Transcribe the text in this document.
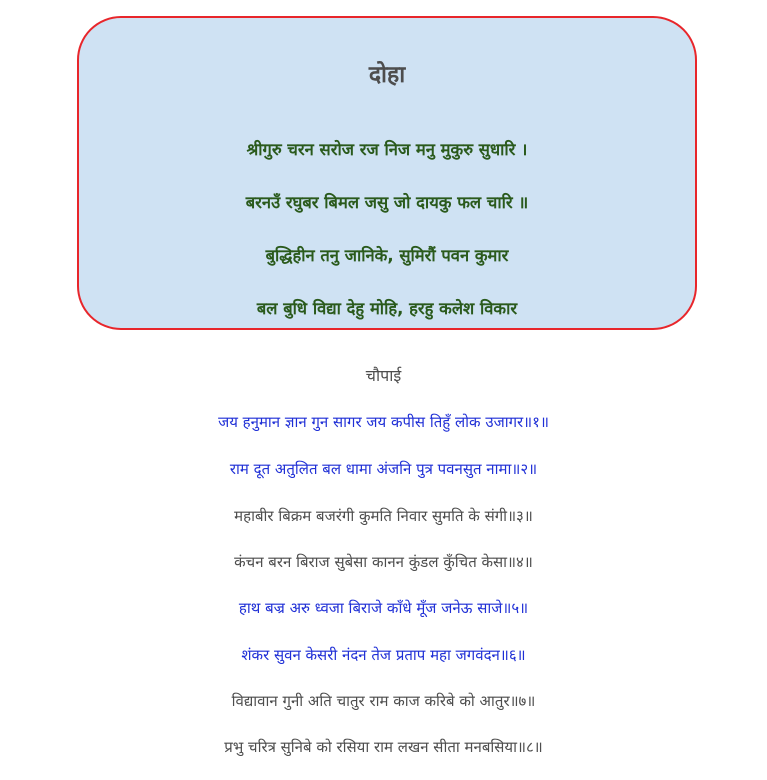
दोहा
श्रीगुरु चरन सरोज रज निज मनु मुकुरु सुधारि ।
बरनउँ रघुबर बिमल जसु जो दायकु फल चारि ॥
बुद्धिहीन तनु जानिके, सुमिरौं पवन कुमार
बल बुधि विद्या देहु मोहि, हरहु कलेश विकार
चौपाई
जय हनुमान ज्ञान गुन सागर जय कपीस तिहुँ लोक उजागर॥१॥
राम दूत अतुलित बल धामा अंजनि पुत्र पवनसुत नामा॥२॥
महाबीर बिक्रम बजरंगी कुमति निवार सुमति के संगी॥३॥
कंचन बरन बिराज सुबेसा कानन कुंडल कुँचित केसा॥४॥
हाथ बज्र अरु ध्वजा बिराजे काँधे मूँज जनेऊ साजे॥५॥
शंकर सुवन केसरी नंदन तेज प्रताप महा जगवंदन॥६॥
विद्यावान गुनी अति चातुर राम काज करिबे को आतुर॥७॥
प्रभु चरित्र सुनिबे को रसिया राम लखन सीता मनबसिया॥८॥
